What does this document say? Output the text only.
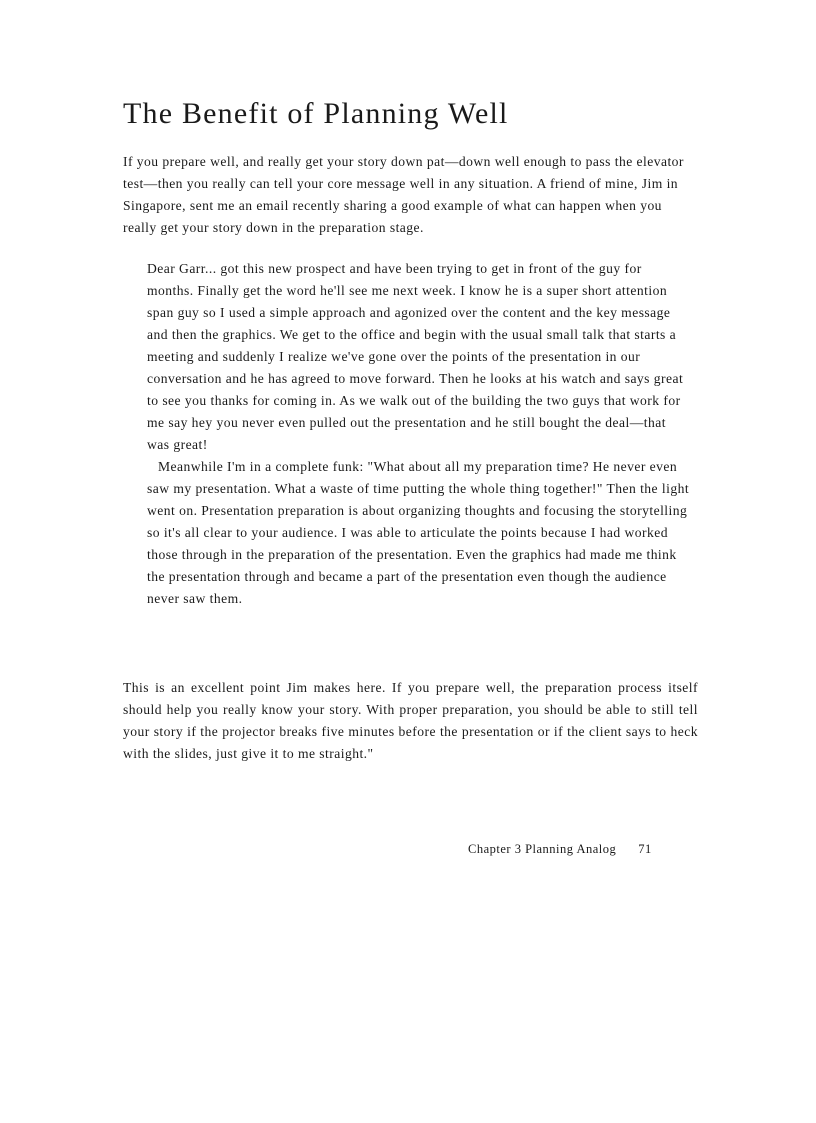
The Benefit of Planning Well

If you prepare well, and really get your story down pat—down well enough to pass the elevator test—then you really can tell your core message well in any situation. A friend of mine, Jim in Singapore, sent me an email recently sharing a good example of what can happen when you really get your story down in the preparation stage.

Dear Garr... got this new prospect and have been trying to get in front of the guy for months. Finally get the word he'll see me next week. I know he is a super short attention span guy so I used a simple approach and agonized over the content and the key message and then the graphics. We get to the office and begin with the usual small talk that starts a meeting and suddenly I realize we've gone over the points of the presentation in our conversation and he has agreed to move forward. Then he looks at his watch and says great to see you thanks for coming in. As we walk out of the building the two guys that work for me say hey you never even pulled out the presentation and he still bought the deal—that was great!

Meanwhile I'm in a complete funk: "What about all my preparation time? He never even saw my presentation. What a waste of time putting the whole thing together!" Then the light went on. Presentation preparation is about organizing thoughts and focusing the storytelling so it's all clear to your audience. I was able to articulate the points because I had worked those through in the preparation of the presentation. Even the graphics had made me think the presentation through and became a part of the presentation even though the audience never saw them.

This is an excellent point Jim makes here. If you prepare well, the preparation process itself should help you really know your story. With proper preparation, you should be able to still tell your story if the projector breaks five minutes before the presentation or if the client says to heck with the slides, just give it to me straight."

Chapter 3 Planning Analog 71
